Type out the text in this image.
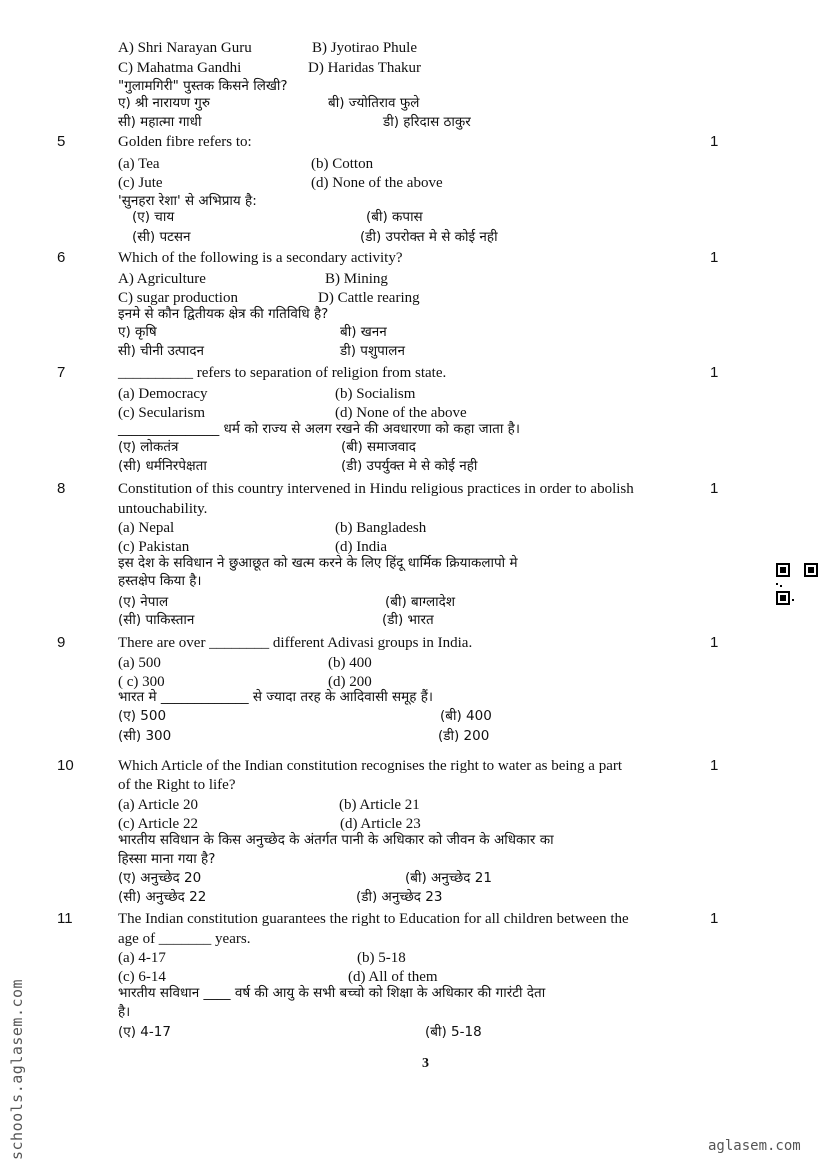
A) Shri Narayan Guru	B) Jyotirao Phule
C) Mahatma Gandhi	D) Haridas Thakur
"गुलामगिरी" पुस्तक किसने लिखी?
ए) श्री नारायण गुरु	बी) ज्योतिराव फुले
सी) महात्मा गाधी	डी) हरिदास ठाकुर
5	1
Golden fibre refers to:
(a) Tea	(b) Cotton
(c) Jute	(d) None of the above
'सुनहरा रेशा' से अभिप्राय है:
(ए) चाय	(बी) कपास
(सी) पटसन	(डी) उपरोक्त मे से कोई नही
6	1
Which of the following is a secondary activity?
A) Agriculture	B) Mining
C) sugar production	D) Cattle rearing
इनमे से कौन द्वितीयक क्षेत्र की गतिविधि है?
ए) कृषि	बी) खनन
सी) चीनी उत्पादन	डी) पशुपालन
7	1
__________ refers to separation of religion from state.
(a) Democracy	(b) Socialism
(c) Secularism	(d) None of the above
_______________ धर्म को राज्य से अलग रखने की अवधारणा को कहा जाता है।
(ए) लोकतंत्र	(बी) समाजवाद
(सी) धर्मनिरपेक्षता	(डी) उपर्युक्त मे से कोई नही
8	1
Constitution of this country intervened in Hindu religious practices in order to abolish
untouchability.
(a) Nepal	(b) Bangladesh
(c) Pakistan	(d) India
इस देश के सविधान ने छुआछूत को खत्म करने के लिए हिंदू धार्मिक क्रियाकलापो मे
हस्तक्षेप किया है।
(ए) नेपाल	(बी) बाग्लादेश
(सी) पाकिस्तान	(डी) भारत
9	1
There are over ________ different Adivasi groups in India.
(a) 500	(b) 400
( c) 300	(d) 200
भारत मे _____________ से ज्यादा तरह के आदिवासी समूह हैं।
(ए) 500	(बी) 400
(सी) 300	(डी) 200
10	1
Which Article of the Indian constitution recognises the right to water as being a part
of the Right to life?
(a) Article 20	(b) Article 21
(c) Article 22	(d) Article 23
भारतीय सविधान के किस अनुच्छेद के अंतर्गत पानी के अधिकार को जीवन के अधिकार का
हिस्सा माना गया है?
(ए) अनुच्छेद 20	(बी) अनुच्छेद 21
(सी) अनुच्छेद 22	(डी) अनुच्छेद 23
11	1
The Indian constitution guarantees the right to Education for all children between the
age of _______ years.
(a) 4-17	(b) 5-18
(c) 6-14	(d) All of them
भारतीय सविधान ____ वर्ष की आयु के सभी बच्चो को शिक्षा के अधिकार की गारंटी देता
है।
(ए) 4-17	(बी) 5-18
3
schools.aglasem.com	aglasem.com
